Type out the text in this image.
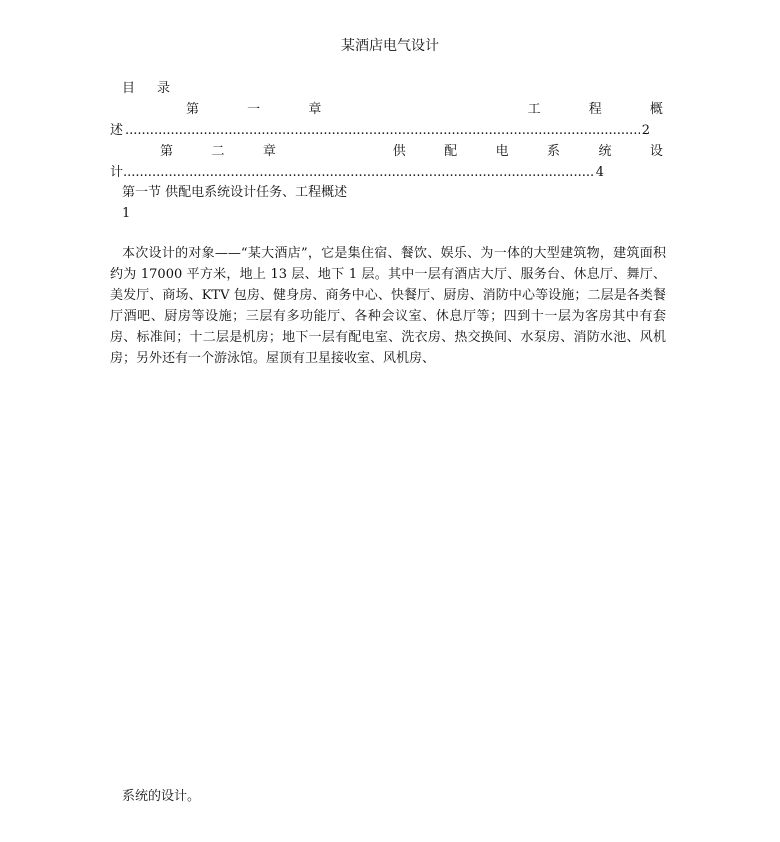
某酒店电气设计
目 录
第	一	章	工	程	概
述 .....	2
第	二	章	供	配	电	系	统	设
计 .....	4
第一节 供配电系统设计任务、工程概述
1

本次设计的对象——“某大酒店”，它是集住宿、餐饮、娱乐、为一体的大型建筑物，建筑面积约为 17000 平方米，地上 13 层、地下 1 层。其中一层有酒店大厅、服务台、休息厅、舞厅、美发厅、商场、KTV 包房、健身房、商务中心、快餐厅、厨房、消防中心等设施；二层是各类餐厅酒吧、厨房等设施；三层有多功能厅、各种会议室、休息厅等；四到十一层为客房其中有套房、标准间；十二层是机房；地下一层有配电室、洗衣房、热交换间、水泵房、消防水池、风机房；另外还有一个游泳馆。屋顶有卫星接收室、风机房、

系统的设计。
